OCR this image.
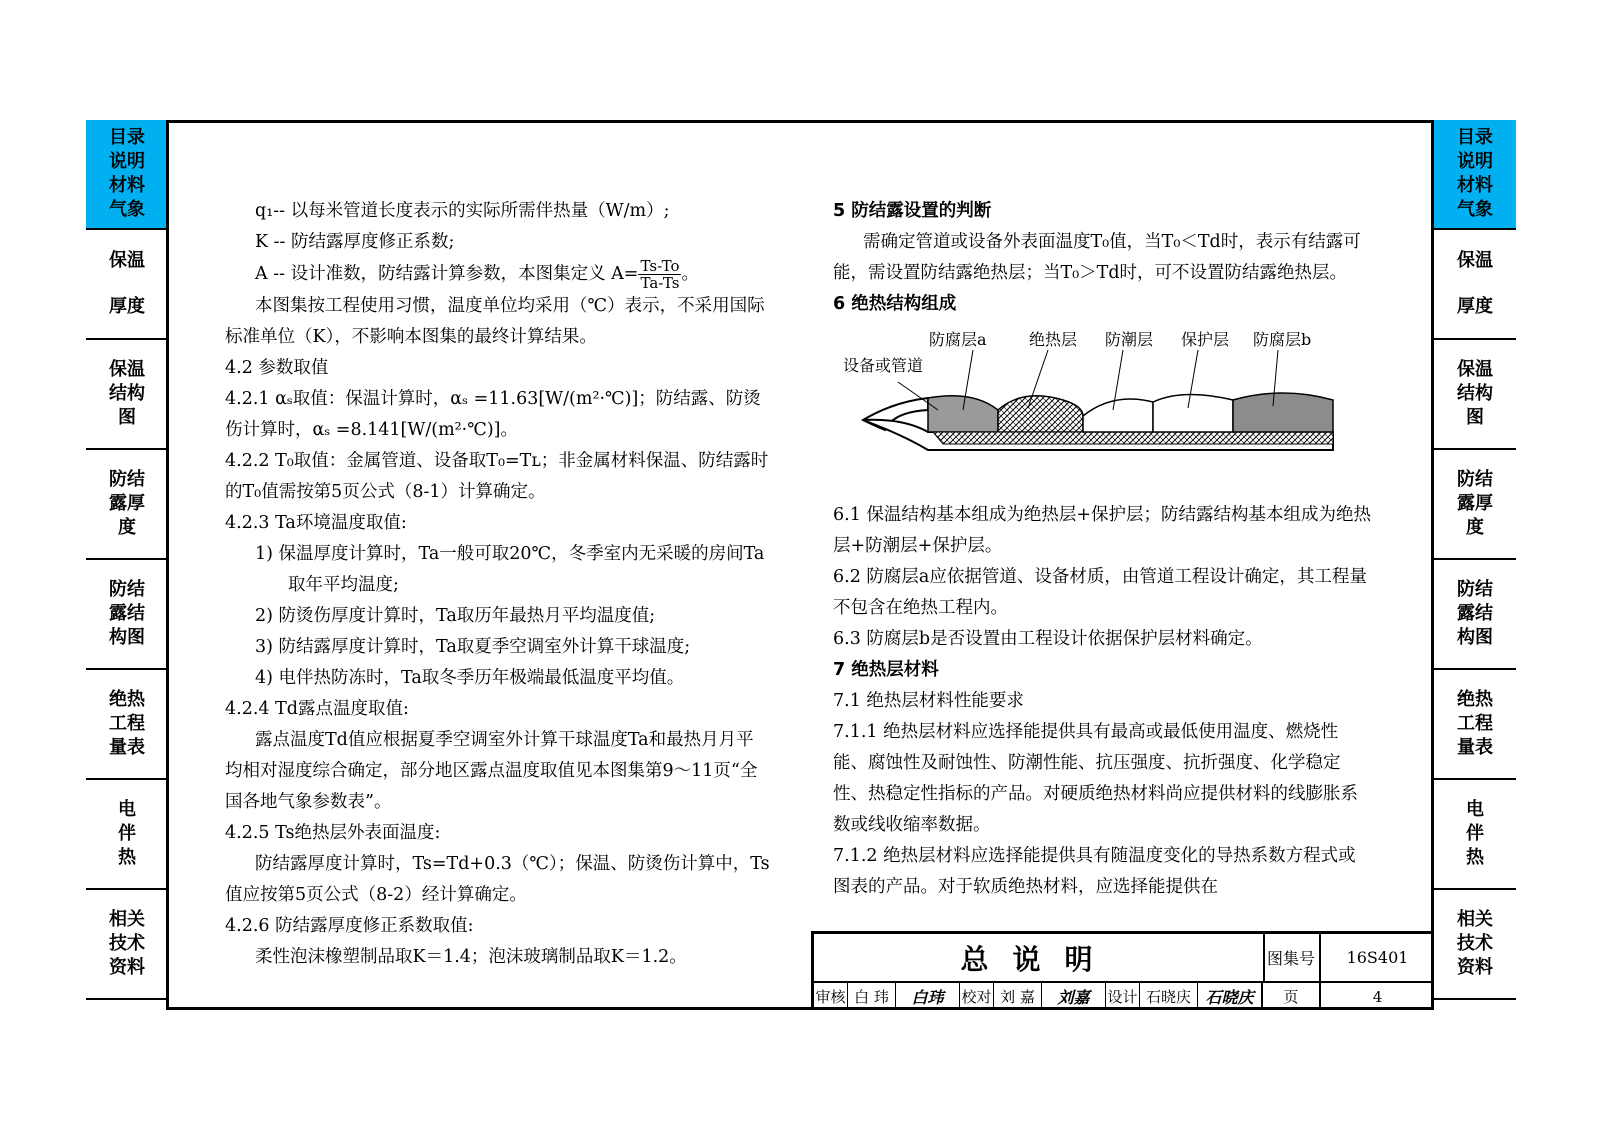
目录说明材料气象
保温厚度
保温结构图
防结露厚度
防结露结构图
绝热工程量表
电伴热
相关技术资料
目录说明材料气象
保温厚度
保温结构图
防结露厚度
防结露结构图
绝热工程量表
电伴热
相关技术资料

q₁-- 以每米管道长度表示的实际所需伴热量（W/m）;

K -- 防结露厚度修正系数;

A -- 设计准数，防结露计算参数，本图集定义 $A= \frac{Ts-To}{Ta-Ts}$ 。

本图集按工程使用习惯，温度单位均采用（℃）表示，不采用国际标准单位（K），不影响本图集的最终计算结果。

4.2 参数取值

4.2.1 αₛ取值：保温计算时，αₛ =11.63[W/(m²·℃)]；防结露、防烫伤计算时，αₛ =8.141[W/(m²·℃)]。

4.2.2 T₀取值：金属管道、设备取T₀=Tʟ；非金属材料保温、防结露时的T₀值需按第5页公式（8-1）计算确定。

4.2.3 Ta环境温度取值:

1) 保温厚度计算时，Ta一般可取20℃，冬季室内无采暖的房间Ta取年平均温度;

2) 防烫伤厚度计算时，Ta取历年最热月平均温度值;

3) 防结露厚度计算时，Ta取夏季空调室外计算干球温度;

4) 电伴热防冻时，Ta取冬季历年极端最低温度平均值。

4.2.4 Td露点温度取值:

露点温度Td值应根据夏季空调室外计算干球温度Ta和最热月月平均相对湿度综合确定，部分地区露点温度取值见本图集第9～11页“全国各地气象参数表”。

4.2.5 Ts绝热层外表面温度:

防结露厚度计算时，Ts=Td+0.3（℃）；保温、防烫伤计算中，Ts值应按第5页公式（8-2）经计算确定。

4.2.6 防结露厚度修正系数取值:

柔性泡沫橡塑制品取K＝1.4；泡沫玻璃制品取K＝1.2。

5 防结露设置的判断

需确定管道或设备外表面温度T₀值，当T₀＜Td时，表示有结露可能，需设置防结露绝热层；当T₀＞Td时，可不设置防结露绝热层。

6 绝热结构组成

设备或管道
防腐层a	绝热层 防潮层 保护层 防腐层b

6.1 保温结构基本组成为绝热层+保护层；防结露结构基本组成为绝热层+防潮层+保护层。

6.2 防腐层a应依据管道、设备材质，由管道工程设计确定，其工程量不包含在绝热工程内。

6.3 防腐层b是否设置由工程设计依据保护层材料确定。

7 绝热层材料

7.1 绝热层材料性能要求

7.1.1 绝热层材料应选择能提供具有最高或最低使用温度、燃烧性能、腐蚀性及耐蚀性、防潮性能、抗压强度、抗折强度、化学稳定性、热稳定性指标的产品。对硬质绝热材料尚应提供材料的线膨胀系数或线收缩率数据。

7.1.2 绝热层材料应选择能提供具有随温度变化的导热系数方程式或图表的产品。对于软质绝热材料，应选择能提供在

总说明	图集号	16S401
审核 白 玮	白玮	校对 刘 嘉	刘嘉	设计 石晓庆 石晓庆	页	4
